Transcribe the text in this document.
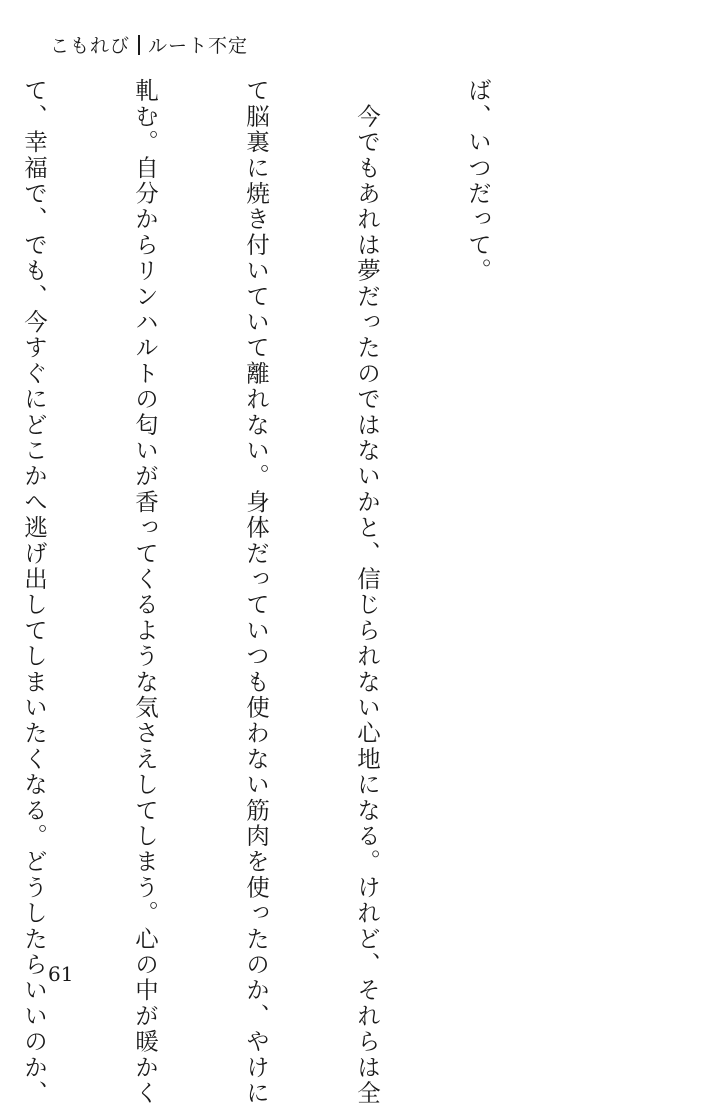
こもれび ルート不定

ば、いつだって。

　今でもあれは夢だったのではないかと、信じられない心地になる。けれど、それらは全

て脳裏に焼き付いていて離れない。身体だっていつも使わない筋肉を使ったのか、やけに

軋む。自分からリンハルトの匂いが香ってくるような気さえしてしまう。心の中が暖かく

て、幸福で、でも、今すぐにどこかへ逃げ出してしまいたくなる。どうしたらいいのか、

61
